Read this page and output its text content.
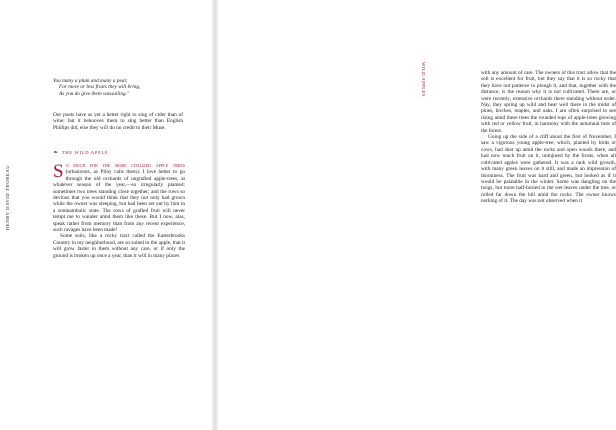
HENRY DAVID THOREAU
You many a plum and many a pear,
For more or less fruits they will bring,
As you do give them wassailing."
Our poets have as yet a better right to sing of cider than of wine; but it behooves them to sing better than English Phillips did, else they will do no credit to their Muse.
❧ THE WILD APPLE

So much for the more civilized apple trees (urbaniores, as Pliny calls them). I love better to go through the old orchards of ungrafted apple-trees, at whatever season of the year,—so irregularly planted: sometimes two trees standing close together; and the rows so devious that you would think that they not only had grown while the owner was sleeping, but had been set out by him in a somnambulic state. The rows of grafted fruit will never tempt me to wander amid them like these. But I now, alas, speak rather from memory than from any recent experience, such ravages have been made!

Some soils, like a rocky tract called the Easterbrooks Country in my neighborhood, are so suited to the apple, that it will grow faster in them without any care, or if only the ground is broken up once a year, than it will in many places

with any amount of care. The owners of this tract allow that the soil is excellent for fruit, but they say that it is so rocky that they have not patience to plough it, and that, together with the distance, is the reason why it is not cultivated. There are, or were recently, extensive orchards there standing without order. Nay, they spring up wild and bear well there in the midst of pines, birches, maples, and oaks. I am often surprised to see rising amid these trees the rounded tops of apple-trees glowing with red or yellow fruit, in harmony with the autumnal tints of the forest.

Going up the side of a cliff about the first of November, I saw a vigorous young apple-tree, which, planted by birds or cows, had shot up amid the rocks and open woods there, and had now much fruit on it, uninjured by the frosts, when all cultivated apples were gathered. It was a rank wild growth, with many green leaves on it still, and made an impression of thorniness. The fruit was hard and green, but looked as if it would be palatable in the winter. Some was dangling on the twigs, but more half-buried in the wet leaves under the tree, or rolled far down the hill amid the rocks. The owner knows nothing of it. The day was not observed when it

WILD APPLES
